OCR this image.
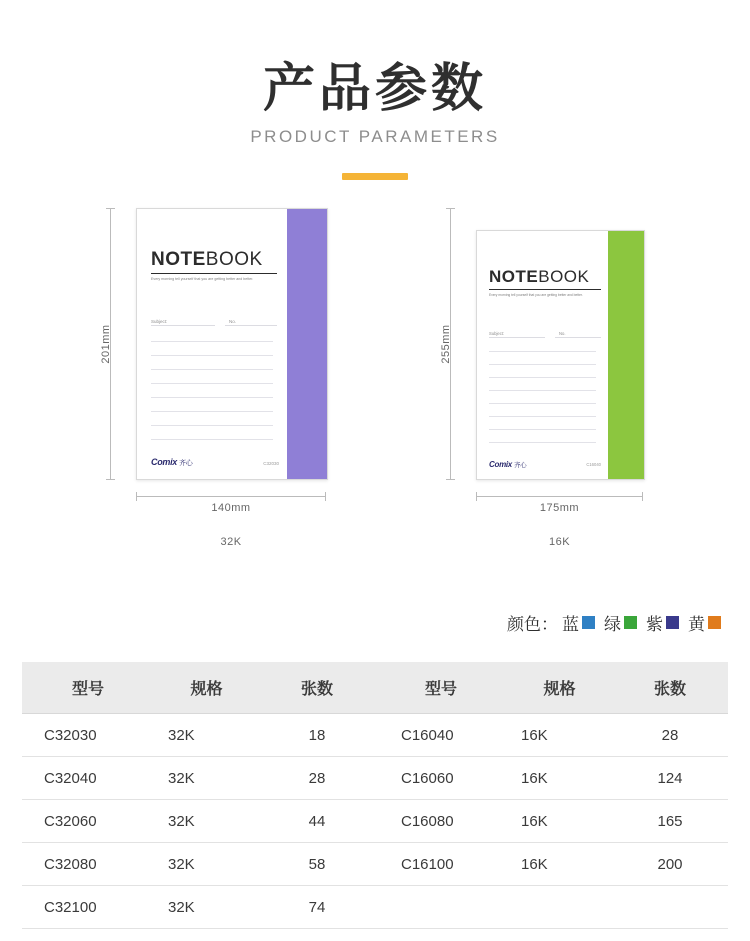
产品参数
PRODUCT PARAMETERS
201mm
NOTEBOOK
Every morning tell yourself that you are getting better and better.
Subject:	No.
Comix 齐心	C32030
140mm
32K
255mm
NOTEBOOK
Every morning tell yourself that you are getting better and better.
Subject:	No.
Comix 齐心	C16040
175mm
16K
颜色： 蓝 绿 紫 黄
型号	规格	张数
C32030	32K	18
C32040	32K	28
C32060	32K	44
C32080	32K	58
C32100	32K	74
型号	规格	张数
C16040	16K	28
C16060	16K	124
C16080	16K	165
C16100	16K	200
